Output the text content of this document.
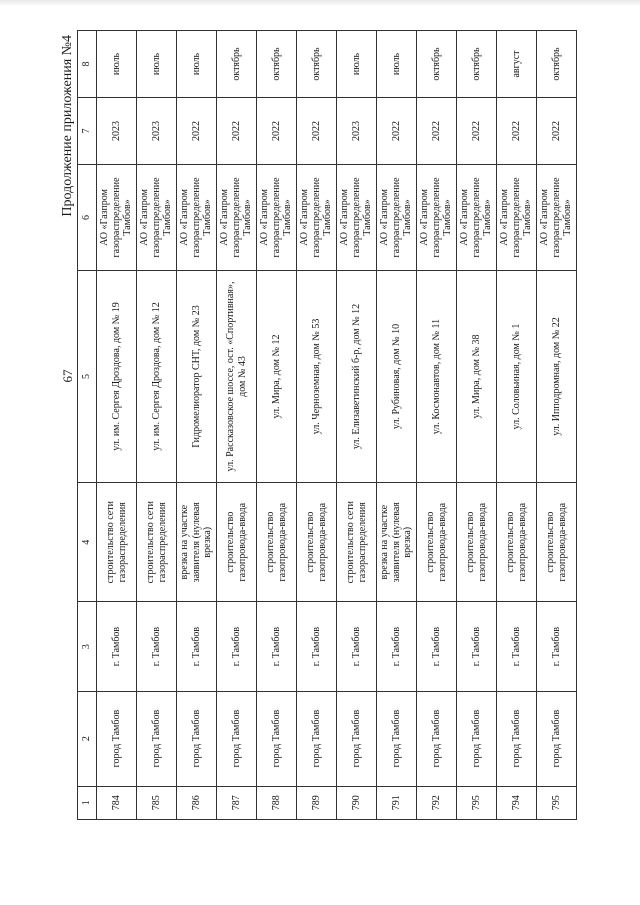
67
Продолжение приложения №4
1	2	3	4	5	6	7	8
784	город Тамбов	г. Тамбов	строительство сети газораспределения	ул. им. Сергея Дроздова, дом № 19	АО «Газпром газораспределение Тамбов»	2023	июль
785	город Тамбов	г. Тамбов	строительство сети газораспределения	ул. им. Сергея Дроздова, дом № 12	АО «Газпром газораспределение Тамбов»	2023	июль
786	город Тамбов	г. Тамбов	врезка на участке заявителя (нулевая врезка)	Гидромелиоратор СНТ, дом № 23	АО «Газпром газораспределение Тамбов»	2022	июль
787	город Тамбов	г. Тамбов	строительство газопровода-ввода	ул. Рассказовское шоссе, ост. «Спортивная», дом № 43	АО «Газпром газораспределение Тамбов»	2022	октябрь
788	город Тамбов	г. Тамбов	строительство газопровода-ввода	ул. Мира, дом № 12	АО «Газпром газораспределение Тамбов»	2022	октябрь
789	город Тамбов	г. Тамбов	строительство газопровода-ввода	ул. Черноземная, дом № 53	АО «Газпром газораспределение Тамбов»	2022	октябрь
790	город Тамбов	г. Тамбов	строительство сети газораспределения	ул. Елизаветинский б-р, дом № 12	АО «Газпром газораспределение Тамбов»	2023	июль
791	город Тамбов	г. Тамбов	врезка на участке заявителя (нулевая врезка)	ул. Рубиновая, дом № 10	АО «Газпром газораспределение Тамбов»	2022	июль
792	город Тамбов	г. Тамбов	строительство газопровода-ввода	ул. Космонавтов, дом № 11	АО «Газпром газораспределение Тамбов»	2022	октябрь
795	город Тамбов	г. Тамбов	строительство газопровода-ввода	ул. Мира, дом № 38	АО «Газпром газораспределение Тамбов»	2022	октябрь
794	город Тамбов	г. Тамбов	строительство газопровода-ввода	ул. Соловьиная, дом № 1	АО «Газпром газораспределение Тамбов»	2022	август
795	город Тамбов	г. Тамбов	строительство газопровода-ввода	ул. Ипподромная, дом № 22	АО «Газпром газораспределение Тамбов»	2022	октябрь
